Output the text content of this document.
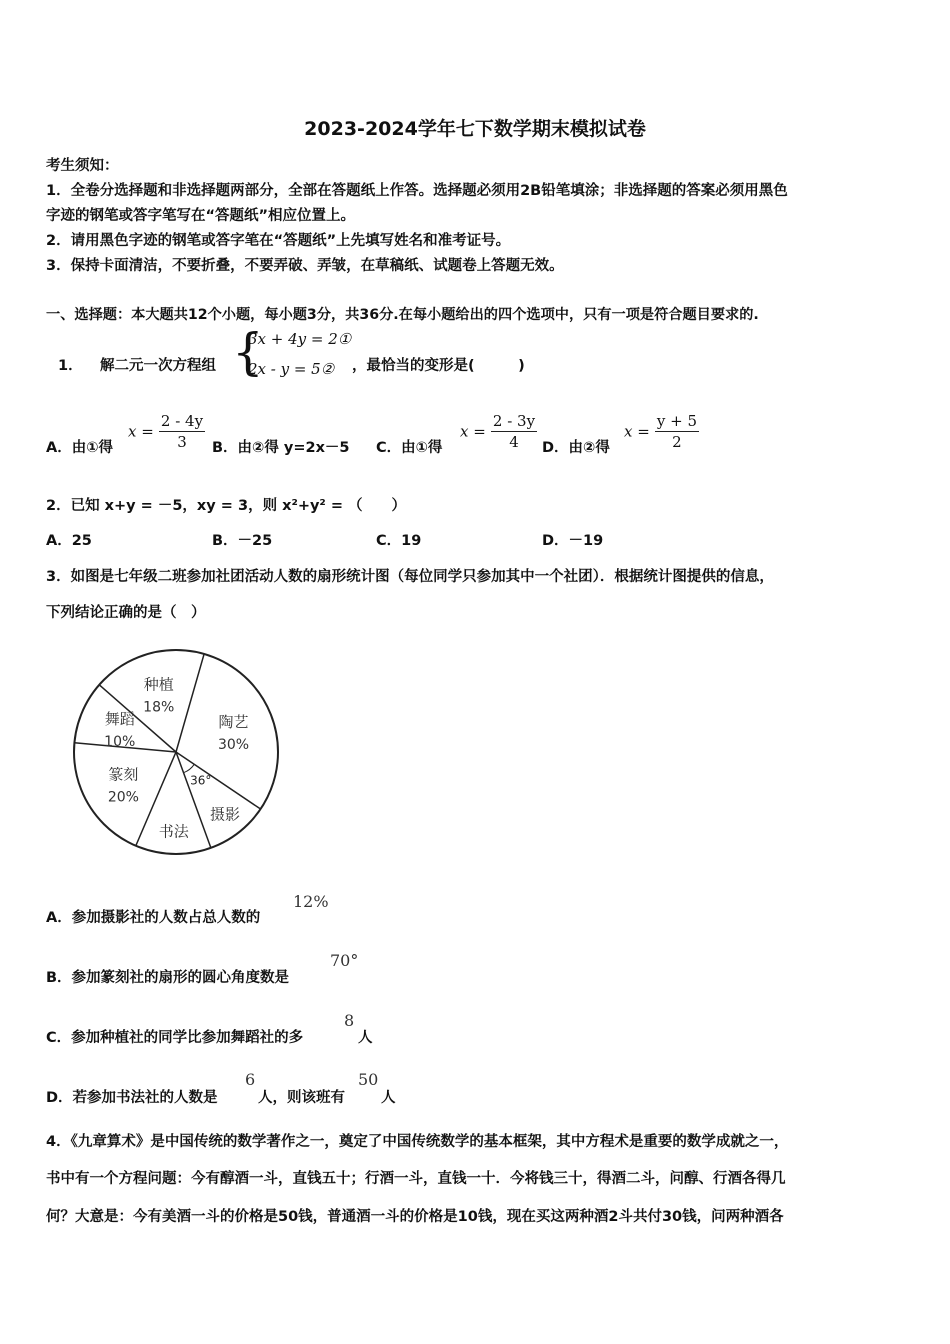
2023-2024学年七下数学期末模拟试卷
考生须知：
1．全卷分选择题和非选择题两部分，全部在答题纸上作答。选择题必须用2B铅笔填涂；非选择题的答案必须用黑色
字迹的钢笔或答字笔写在“答题纸”相应位置上。
2．请用黑色字迹的钢笔或答字笔在“答题纸”上先填写姓名和准考证号。
3．保持卡面清洁，不要折叠，不要弄破、弄皱，在草稿纸、试题卷上答题无效。
一、选择题：本大题共12个小题，每小题3分，共36分.在每小题给出的四个选项中，只有一项是符合题目要求的.
1． 解二元一次方程组 {
3x + 4y = 2①
2x - y = 5② ，最恰当的变形是(　　　)
A．由①得
$x = \frac{2 - 4y}{3}$ B．由②得 y=2x－5 C．由①得
$x = \frac{2 - 3y}{4}$ D．由②得
$x = \frac{y + 5}{2}$
2．已知 x+y = －5，xy = 3，则 x²+y² = （　　）
A．25	B．－25	C．19	D．－19
3．如图是七年级二班参加社团活动人数的扇形统计图（每位同学只参加其中一个社团）．根据统计图提供的信息，
下列结论正确的是（　）
陶艺
30%
摄影
书法
篆刻
20%
舞蹈
10%
种植
18%
36°
A．参加摄影社的人数占总人数的
12%
B．参加篆刻社的扇形的圆心角度数是
70°
C．参加种植社的同学比参加舞蹈社的多
8
人
D．若参加书法社的人数是
6
人，则该班有
50
人
4．《九章算术》是中国传统的数学著作之一，奠定了中国传统数学的基本框架，其中方程术是重要的数学成就之一，
书中有一个方程问题：今有醇酒一斗，直钱五十；行酒一斗，直钱一十．今将钱三十，得酒二斗，问醇、行酒各得几
何？大意是：今有美酒一斗的价格是50钱，普通酒一斗的价格是10钱，现在买这两种酒2斗共付30钱，问两种酒各
